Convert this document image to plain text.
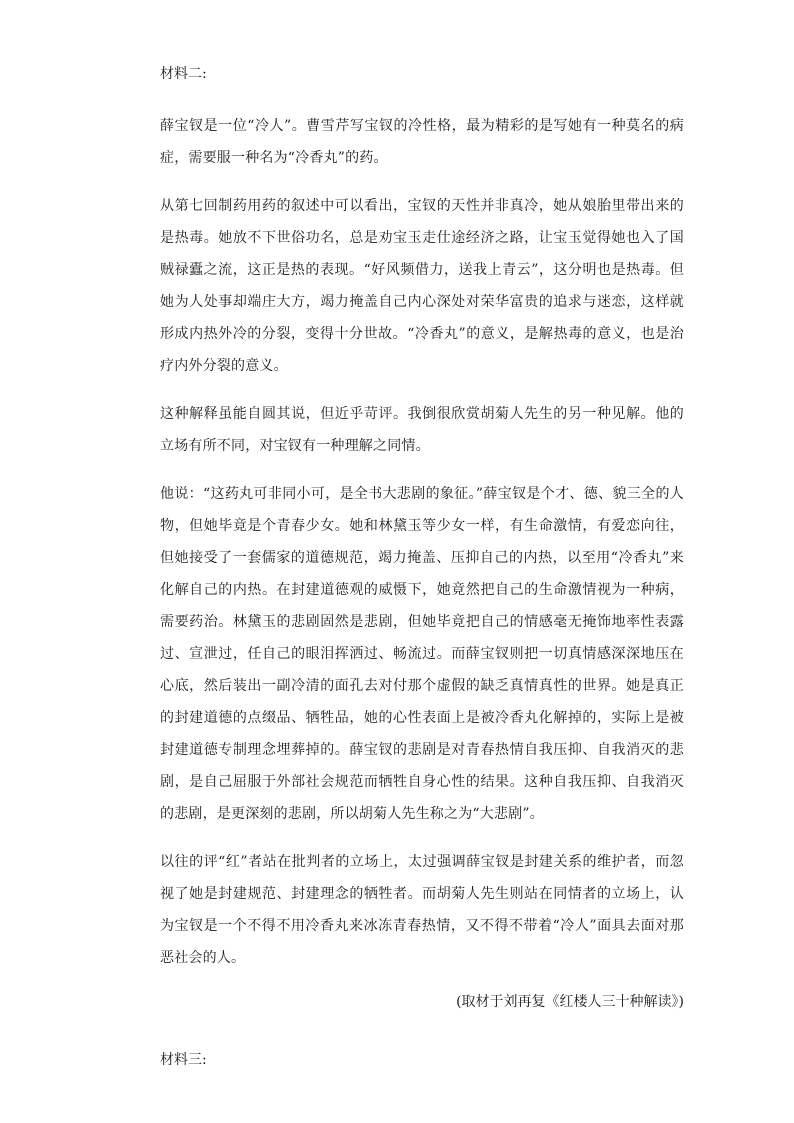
材料二:

薛宝钗是一位“冷人”。曹雪芹写宝钗的冷性格，最为精彩的是写她有一种莫名的病症，需要服一种名为“冷香丸”的药。

从第七回制药用药的叙述中可以看出，宝钗的天性并非真冷，她从娘胎里带出来的是热毒。她放不下世俗功名，总是劝宝玉走仕途经济之路，让宝玉觉得她也入了国贼禄蠹之流，这正是热的表现。“好风频借力，送我上青云”，这分明也是热毒。但她为人处事却端庄大方，竭力掩盖自己内心深处对荣华富贵的追求与迷恋，这样就形成内热外冷的分裂，变得十分世故。“冷香丸”的意义，是解热毒的意义，也是治疗内外分裂的意义。

这种解释虽能自圆其说，但近乎苛评。我倒很欣赏胡菊人先生的另一种见解。他的立场有所不同，对宝钗有一种理解之同情。

他说：“这药丸可非同小可，是全书大悲剧的象征。”薛宝钗是个才、德、貌三全的人物，但她毕竟是个青春少女。她和林黛玉等少女一样，有生命激情，有爱恋向往，但她接受了一套儒家的道德规范，竭力掩盖、压抑自己的内热，以至用“冷香丸”来化解自己的内热。在封建道德观的威慑下，她竟然把自己的生命激情视为一种病，需要药治。林黛玉的悲剧固然是悲剧，但她毕竟把自己的情感毫无掩饰地率性表露过、宣泄过，任自己的眼泪挥洒过、畅流过。而薛宝钗则把一切真情感深深地压在心底，然后装出一副冷清的面孔去对付那个虚假的缺乏真情真性的世界。她是真正的封建道德的点缀品、牺牲品，她的心性表面上是被冷香丸化解掉的，实际上是被封建道德专制理念埋葬掉的。薛宝钗的悲剧是对青春热情自我压抑、自我消灭的悲剧，是自己屈服于外部社会规范而牺牲自身心性的结果。这种自我压抑、自我消灭的悲剧，是更深刻的悲剧，所以胡菊人先生称之为“大悲剧”。

以往的评“红”者站在批判者的立场上，太过强调薛宝钗是封建关系的维护者，而忽视了她是封建规范、封建理念的牺牲者。而胡菊人先生则站在同情者的立场上，认为宝钗是一个不得不用冷香丸来冰冻青春热情，又不得不带着“冷人”面具去面对那恶社会的人。

(取材于刘再复《红楼人三十种解读》)

材料三:
